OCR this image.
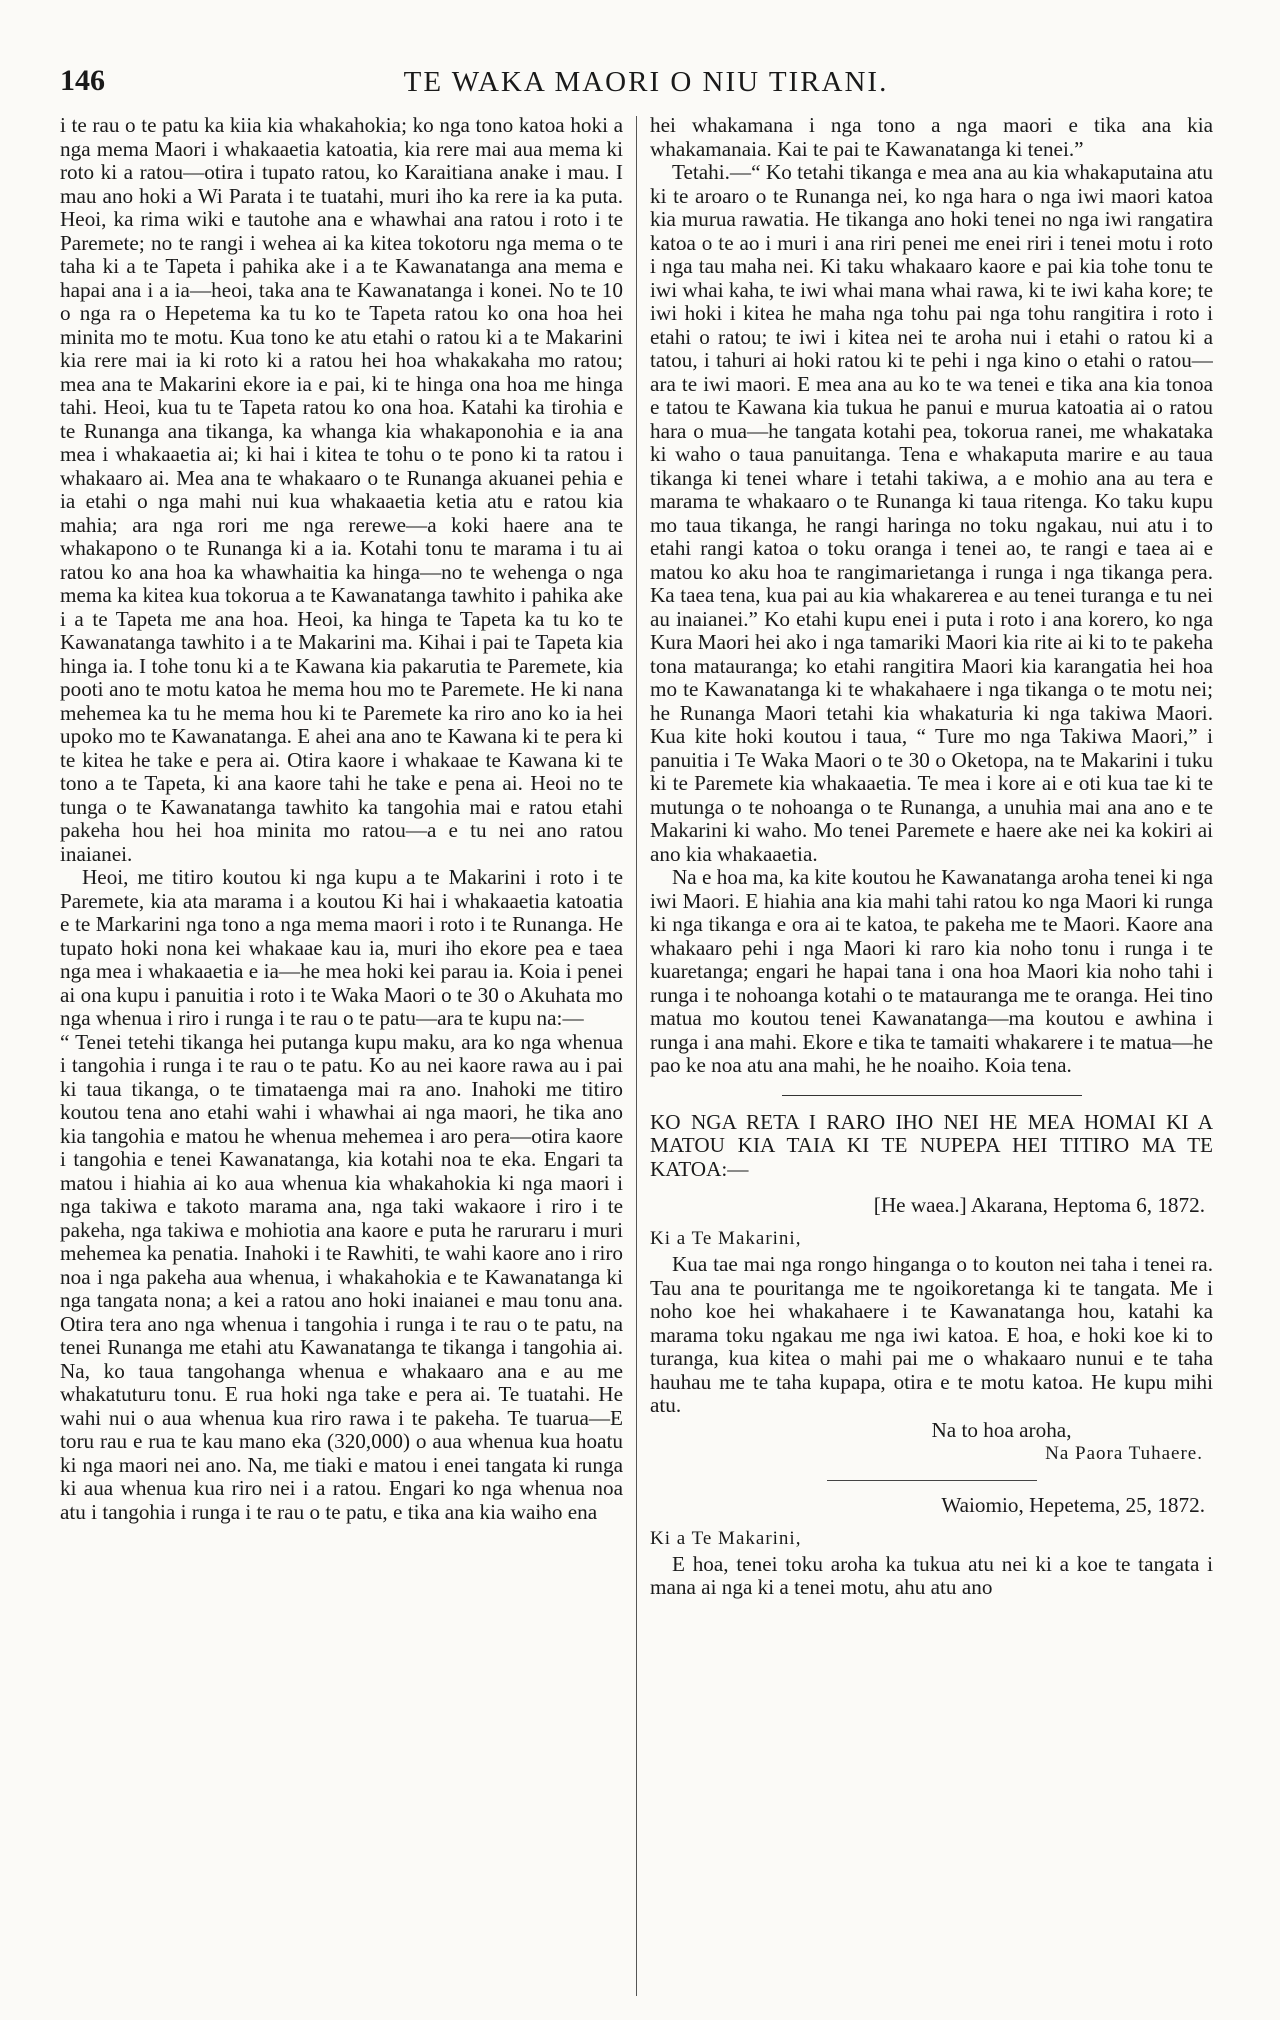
146	TE WAKA MAORI O NIU TIRANI.

i te rau o te patu ka kiia kia whakahokia; ko nga tono katoa hoki a nga mema Maori i whakaaetia katoatia, kia rere mai aua mema ki roto ki a ratou—otira i tupato ratou, ko Karaitiana anake i mau. I mau ano hoki a Wi Parata i te tuatahi, muri iho ka rere ia ka puta. Heoi, ka rima wiki e tautohe ana e whawhai ana ratou i roto i te Paremete; no te rangi i wehea ai ka kitea tokotoru nga mema o te taha ki a te Tapeta i pahika ake i a te Kawanatanga ana mema e hapai ana i a ia—heoi, taka ana te Kawanatanga i konei. No te 10 o nga ra o Hepetema ka tu ko te Tapeta ratou ko ona hoa hei minita mo te motu. Kua tono ke atu etahi o ratou ki a te Makarini kia rere mai ia ki roto ki a ratou hei hoa whakakaha mo ratou; mea ana te Makarini ekore ia e pai, ki te hinga ona hoa me hinga tahi. Heoi, kua tu te Tapeta ratou ko ona hoa. Katahi ka tirohia e te Runanga ana tikanga, ka whanga kia whakaponohia e ia ana mea i whakaaetia ai; ki hai i kitea te tohu o te pono ki ta ratou i whakaaro ai. Mea ana te whakaaro o te Runanga akuanei pehia e ia etahi o nga mahi nui kua whakaaetia ketia atu e ratou kia mahia; ara nga rori me nga rerewe—a koki haere ana te whakapono o te Runanga ki a ia. Kotahi tonu te marama i tu ai ratou ko ana hoa ka whawhaitia ka hinga—no te wehenga o nga mema ka kitea kua tokorua a te Kawanatanga tawhito i pahika ake i a te Tapeta me ana hoa. Heoi, ka hinga te Tapeta ka tu ko te Kawanatanga tawhito i a te Makarini ma. Kihai i pai te Tapeta kia hinga ia. I tohe tonu ki a te Kawana kia pakarutia te Paremete, kia pooti ano te motu katoa he mema hou mo te Paremete. He ki nana mehemea ka tu he mema hou ki te Paremete ka riro ano ko ia hei upoko mo te Kawanatanga. E ahei ana ano te Kawana ki te pera ki te kitea he take e pera ai. Otira kaore i whakaae te Kawana ki te tono a te Tapeta, ki ana kaore tahi he take e pena ai. Heoi no te tunga o te Kawanatanga tawhito ka tangohia mai e ratou etahi pakeha hou hei hoa minita mo ratou—a e tu nei ano ratou inaianei.

Heoi, me titiro koutou ki nga kupu a te Makarini i roto i te Paremete, kia ata marama i a koutou Ki hai i whakaaetia katoatia e te Markarini nga tono a nga mema maori i roto i te Runanga. He tupato hoki nona kei whakaae kau ia, muri iho ekore pea e taea nga mea i whakaaetia e ia—he mea hoki kei parau ia. Koia i penei ai ona kupu i panuitia i roto i te Waka Maori o te 30 o Akuhata mo nga whenua i riro i runga i te rau o te patu—ara te kupu na:—

“ Tenei tetehi tikanga hei putanga kupu maku, ara ko nga whenua i tangohia i runga i te rau o te patu. Ko au nei kaore rawa au i pai ki taua tikanga, o te timataenga mai ra ano. Inahoki me titiro koutou tena ano etahi wahi i whawhai ai nga maori, he tika ano kia tangohia e matou he whenua mehemea i aro pera—otira kaore i tangohia e tenei Kawanatanga, kia kotahi noa te eka. Engari ta matou i hiahia ai ko aua whenua kia whakahokia ki nga maori i nga takiwa e takoto marama ana, nga taki wakaore i riro i te pakeha, nga takiwa e mohiotia ana kaore e puta he raruraru i muri mehemea ka penatia. Inahoki i te Rawhiti, te wahi kaore ano i riro noa i nga pakeha aua whenua, i whakahokia e te Kawanatanga ki nga tangata nona; a kei a ratou ano hoki inaianei e mau tonu ana. Otira tera ano nga whenua i tangohia i runga i te rau o te patu, na tenei Runanga me etahi atu Kawanatanga te tikanga i tangohia ai. Na, ko taua tangohanga whenua e whakaaro ana e au me whakatuturu tonu. E rua hoki nga take e pera ai. Te tuatahi. He wahi nui o aua whenua kua riro rawa i te pakeha. Te tuarua—E toru rau e rua te kau mano eka (320,000) o aua whenua kua hoatu ki nga maori nei ano. Na, me tiaki e matou i enei tangata ki runga ki aua whenua kua riro nei i a ratou. Engari ko nga whenua noa atu i tangohia i runga i te rau o te patu, e tika ana kia waiho ena

hei whakamana i nga tono a nga maori e tika ana kia whakamanaia. Kai te pai te Kawanatanga ki tenei.”

Tetahi.—“ Ko tetahi tikanga e mea ana au kia whakaputaina atu ki te aroaro o te Runanga nei, ko nga hara o nga iwi maori katoa kia murua rawatia. He tikanga ano hoki tenei no nga iwi rangatira katoa o te ao i muri i ana riri penei me enei riri i tenei motu i roto i nga tau maha nei. Ki taku whakaaro kaore e pai kia tohe tonu te iwi whai kaha, te iwi whai mana whai rawa, ki te iwi kaha kore; te iwi hoki i kitea he maha nga tohu pai nga tohu rangitira i roto i etahi o ratou; te iwi i kitea nei te aroha nui i etahi o ratou ki a tatou, i tahuri ai hoki ratou ki te pehi i nga kino o etahi o ratou—ara te iwi maori. E mea ana au ko te wa tenei e tika ana kia tonoa e tatou te Kawana kia tukua he panui e murua katoatia ai o ratou hara o mua—he tangata kotahi pea, tokorua ranei, me whakataka ki waho o taua panuitanga. Tena e whakaputa marire e au taua tikanga ki tenei whare i tetahi takiwa, a e mohio ana au tera e marama te whakaaro o te Runanga ki taua ritenga. Ko taku kupu mo taua tikanga, he rangi haringa no toku ngakau, nui atu i to etahi rangi katoa o toku oranga i tenei ao, te rangi e taea ai e matou ko aku hoa te rangimarietanga i runga i nga tikanga pera. Ka taea tena, kua pai au kia whakarerea e au tenei turanga e tu nei au inaianei.” Ko etahi kupu enei i puta i roto i ana korero, ko nga Kura Maori hei ako i nga tamariki Maori kia rite ai ki to te pakeha tona matauranga; ko etahi rangitira Maori kia karangatia hei hoa mo te Kawanatanga ki te whakahaere i nga tikanga o te motu nei; he Runanga Maori tetahi kia whakaturia ki nga takiwa Maori. Kua kite hoki koutou i taua, “ Ture mo nga Takiwa Maori,” i panuitia i Te Waka Maori o te 30 o Oketopa, na te Makarini i tuku ki te Paremete kia whakaaetia. Te mea i kore ai e oti kua tae ki te mutunga o te nohoanga o te Runanga, a unuhia mai ana ano e te Makarini ki waho. Mo tenei Paremete e haere ake nei ka kokiri ai ano kia whakaaetia.

Na e hoa ma, ka kite koutou he Kawanatanga aroha tenei ki nga iwi Maori. E hiahia ana kia mahi tahi ratou ko nga Maori ki runga ki nga tikanga e ora ai te katoa, te pakeha me te Maori. Kaore ana whakaaro pehi i nga Maori ki raro kia noho tonu i runga i te kuaretanga; engari he hapai tana i ona hoa Maori kia noho tahi i runga i te nohoanga kotahi o te matauranga me te oranga. Hei tino matua mo koutou tenei Kawanatanga—ma koutou e awhina i runga i ana mahi. Ekore e tika te tamaiti whakarere i te matua—he pao ke noa atu ana mahi, he he noaiho. Koia tena.

KO NGA RETA I RARO IHO NEI HE MEA HOMAI KI A MATOU KIA TAIA KI TE NUPEPA HEI TITIRO MA TE KATOA:—

[He waea.] Akarana, Heptoma 6, 1872.
Ki a Te Makarini,

Kua tae mai nga rongo hinganga o to kouton nei taha i tenei ra. Tau ana te pouritanga me te ngoikoretanga ki te tangata. Me i noho koe hei whakahaere i te Kawanatanga hou, katahi ka marama toku ngakau me nga iwi katoa. E hoa, e hoki koe ki to turanga, kua kitea o mahi pai me o whakaaro nunui e te taha hauhau me te taha kupapa, otira e te motu katoa. He kupu mihi atu.

Na to hoa aroha,
Na Paora Tuhaere.
Waiomio, Hepetema, 25, 1872.
Ki a Te Makarini,

E hoa, tenei toku aroha ka tukua atu nei ki a koe te tangata i mana ai nga ki a tenei motu, ahu atu ano
